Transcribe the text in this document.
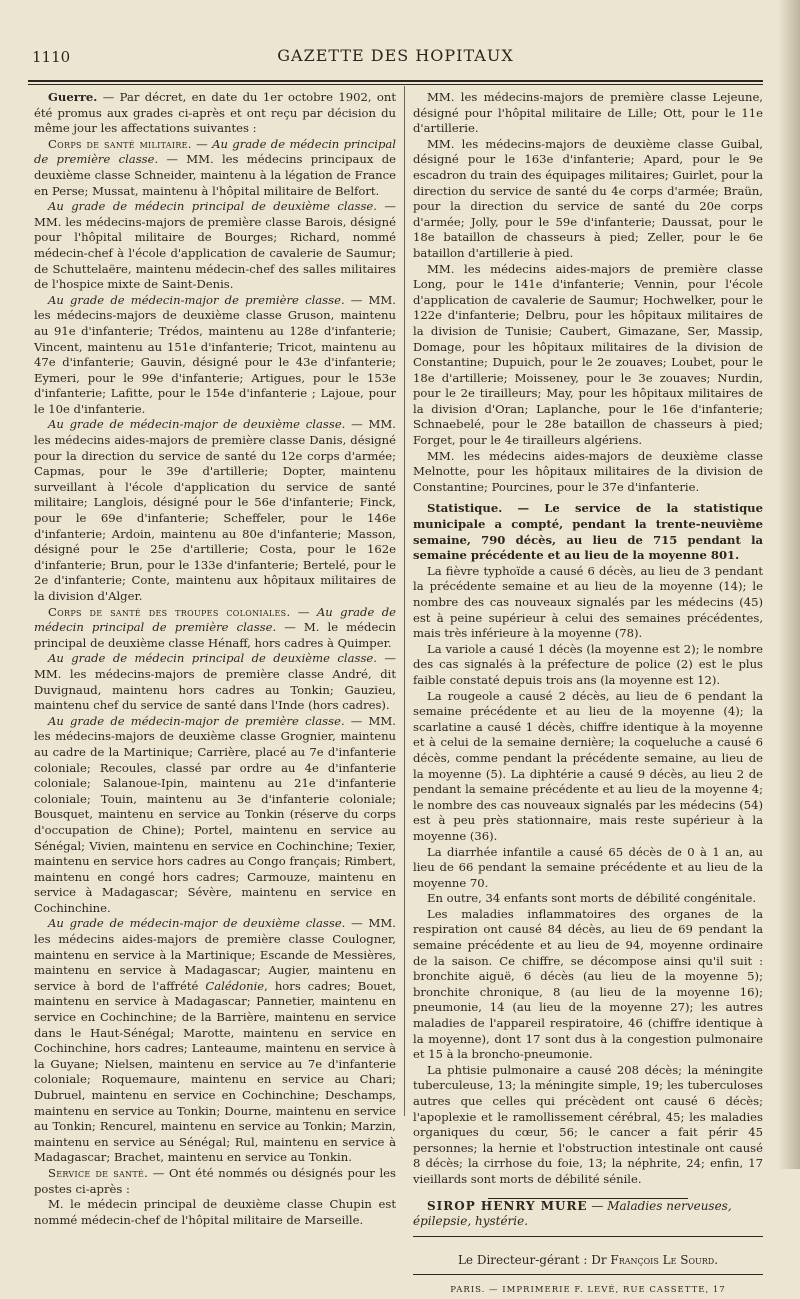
1110	GAZETTE DES HOPITAUX

Guerre. — Par décret, en date du 1er octobre 1902, ont été promus aux grades ci-après et ont reçu par décision du même jour les affectations suivantes :

Corps de santé militaire. — Au grade de médecin principal de première classe. — MM. les médecins principaux de deuxième classe Schneider, maintenu à la légation de France en Perse; Mussat, maintenu à l'hôpital militaire de Belfort.

Au grade de médecin principal de deuxième classe. — MM. les médecins-majors de première classe Barois, désigné pour l'hôpital militaire de Bourges; Richard, nommé médecin-chef à l'école d'application de cavalerie de Saumur; de Schuttelaëre, maintenu médecin-chef des salles militaires de l'hospice mixte de Saint-Denis.

Au grade de médecin-major de première classe. — MM. les médecins-majors de deuxième classe Gruson, maintenu au 91e d'infanterie; Trédos, maintenu au 128e d'infanterie; Vincent, maintenu au 151e d'infanterie; Tricot, maintenu au 47e d'infanterie; Gauvin, désigné pour le 43e d'infanterie; Eymeri, pour le 99e d'infanterie; Artigues, pour le 153e d'infanterie; Lafitte, pour le 154e d'infanterie ; Lajoue, pour le 10e d'infanterie.

Au grade de médecin-major de deuxième classe. — MM. les médecins aides-majors de première classe Danis, désigné pour la direction du service de santé du 12e corps d'armée; Capmas, pour le 39e d'artillerie; Dopter, maintenu surveillant à l'école d'application du service de santé militaire; Langlois, désigné pour le 56e d'infanterie; Finck, pour le 69e d'infanterie; Scheffeler, pour le 146e d'infanterie; Ardoin, maintenu au 80e d'infanterie; Masson, désigné pour le 25e d'artillerie; Costa, pour le 162e d'infanterie; Brun, pour le 133e d'infanterie; Bertelé, pour le 2e d'infanterie; Conte, maintenu aux hôpitaux militaires de la division d'Alger.

Corps de santé des troupes coloniales. — Au grade de médecin principal de première classe. — M. le médecin principal de deuxième classe Hénaff, hors cadres à Quimper.

Au grade de médecin principal de deuxième classe. — MM. les médecins-majors de première classe André, dit Duvignaud, maintenu hors cadres au Tonkin; Gauzieu, maintenu chef du service de santé dans l'Inde (hors cadres).

Au grade de médecin-major de première classe. — MM. les médecins-majors de deuxième classe Grognier, maintenu au cadre de la Martinique; Carrière, placé au 7e d'infanterie coloniale; Recoules, classé par ordre au 4e d'infanterie coloniale; Salanoue-Ipin, maintenu au 21e d'infanterie coloniale; Touin, maintenu au 3e d'infanterie coloniale; Bousquet, maintenu en service au Tonkin (réserve du corps d'occupation de Chine); Portel, maintenu en service au Sénégal; Vivien, maintenu en service en Cochinchine; Texier, maintenu en service hors cadres au Congo français; Rimbert, maintenu en congé hors cadres; Carmouze, maintenu en service à Madagascar; Sévère, maintenu en service en Cochinchine.

Au grade de médecin-major de deuxième classe. — MM. les médecins aides-majors de première classe Coulogner, maintenu en service à la Martinique; Escande de Messières, maintenu en service à Madagascar; Augier, maintenu en service à bord de l'affrété Calédonie, hors cadres; Bouet, maintenu en service à Madagascar; Pannetier, maintenu en service en Cochinchine; de la Barrière, maintenu en service dans le Haut-Sénégal; Marotte, maintenu en service en Cochinchine, hors cadres; Lanteaume, maintenu en service à la Guyane; Nielsen, maintenu en service au 7e d'infanterie coloniale; Roquemaure, maintenu en service au Chari; Dubruel, maintenu en service en Cochinchine; Deschamps, maintenu en service au Tonkin; Dourne, maintenu en service au Tonkin; Rencurel, maintenu en service au Tonkin; Marzin, maintenu en service au Sénégal; Rul, maintenu en service à Madagascar; Brachet, maintenu en service au Tonkin.

Service de santé. — Ont été nommés ou désignés pour les postes ci-après :

M. le médecin principal de deuxième classe Chupin est nommé médecin-chef de l'hôpital militaire de Marseille.

MM. les médecins-majors de première classe Lejeune, désigné pour l'hôpital militaire de Lille; Ott, pour le 11e d'artillerie.

MM. les médecins-majors de deuxième classe Guibal, désigné pour le 163e d'infanterie; Apard, pour le 9e escadron du train des équipages militaires; Guirlet, pour la direction du service de santé du 4e corps d'armée; Braün, pour la direction du service de santé du 20e corps d'armée; Jolly, pour le 59e d'infanterie; Daussat, pour le 18e bataillon de chasseurs à pied; Zeller, pour le 6e bataillon d'artillerie à pied.

MM. les médecins aides-majors de première classe Long, pour le 141e d'infanterie; Vennin, pour l'école d'application de cavalerie de Saumur; Hochwelker, pour le 122e d'infanterie; Delbru, pour les hôpitaux militaires de la division de Tunisie; Caubert, Gimazane, Ser, Massip, Domage, pour les hôpitaux militaires de la division de Constantine; Dupuich, pour le 2e zouaves; Loubet, pour le 18e d'artillerie; Moisseney, pour le 3e zouaves; Nurdin, pour le 2e tirailleurs; May, pour les hôpitaux militaires de la division d'Oran; Laplanche, pour le 16e d'infanterie; Schnaebelé, pour le 28e bataillon de chasseurs à pied; Forget, pour le 4e tirailleurs algériens.

MM. les médecins aides-majors de deuxième classe Melnotte, pour les hôpitaux militaires de la division de Constantine; Pourcines, pour le 37e d'infanterie.

Statistique. — Le service de la statistique municipale a compté, pendant la trente-neuvième semaine, 790 décès, au lieu de 715 pendant la semaine précédente et au lieu de la moyenne 801.

La fièvre typhoïde a causé 6 décès, au lieu de 3 pendant la précédente semaine et au lieu de la moyenne (14); le nombre des cas nouveaux signalés par les médecins (45) est à peine supérieur à celui des semaines précédentes, mais très inférieure à la moyenne (78).

La variole a causé 1 décès (la moyenne est 2); le nombre des cas signalés à la préfecture de police (2) est le plus faible constaté depuis trois ans (la moyenne est 12).

La rougeole a causé 2 décès, au lieu de 6 pendant la semaine précédente et au lieu de la moyenne (4); la scarlatine a causé 1 décès, chiffre identique à la moyenne et à celui de la semaine dernière; la coqueluche a causé 6 décès, comme pendant la précédente semaine, au lieu de la moyenne (5). La diphtérie a causé 9 décès, au lieu 2 de pendant la semaine précédente et au lieu de la moyenne 4; le nombre des cas nouveaux signalés par les médecins (54) est à peu près stationnaire, mais reste supérieur à la moyenne (36).

La diarrhée infantile a causé 65 décès de 0 à 1 an, au lieu de 66 pendant la semaine précédente et au lieu de la moyenne 70.

En outre, 34 enfants sont morts de débilité congénitale.

Les maladies inflammatoires des organes de la respiration ont causé 84 décès, au lieu de 69 pendant la semaine précédente et au lieu de 94, moyenne ordinaire de la saison. Ce chiffre, se décompose ainsi qu'il suit : bronchite aiguë, 6 décès (au lieu de la moyenne 5); bronchite chronique, 8 (au lieu de la moyenne 16); pneumonie, 14 (au lieu de la moyenne 27); les autres maladies de l'appareil respiratoire, 46 (chiffre identique à la moyenne), dont 17 sont dus à la congestion pulmonaire et 15 à la broncho-pneumonie.

La phtisie pulmonaire a causé 208 décès; la méningite tuberculeuse, 13; la méningite simple, 19; les tuberculoses autres que celles qui précèdent ont causé 6 décès; l'apoplexie et le ramollissement cérébral, 45; les maladies organiques du cœur, 56; le cancer a fait périr 45 personnes; la hernie et l'obstruction intestinale ont causé 8 décès; la cirrhose du foie, 13; la néphrite, 24; enfin, 17 vieillards sont morts de débilité sénile.

SIROP HENRY MURE — Maladies nerveuses, épilepsie, hystérie.

Le Directeur-gérant : Dr François Le Sourd.
PARIS. — IMPRIMERIE F. LEVÉ, RUE CASSETTE, 17
